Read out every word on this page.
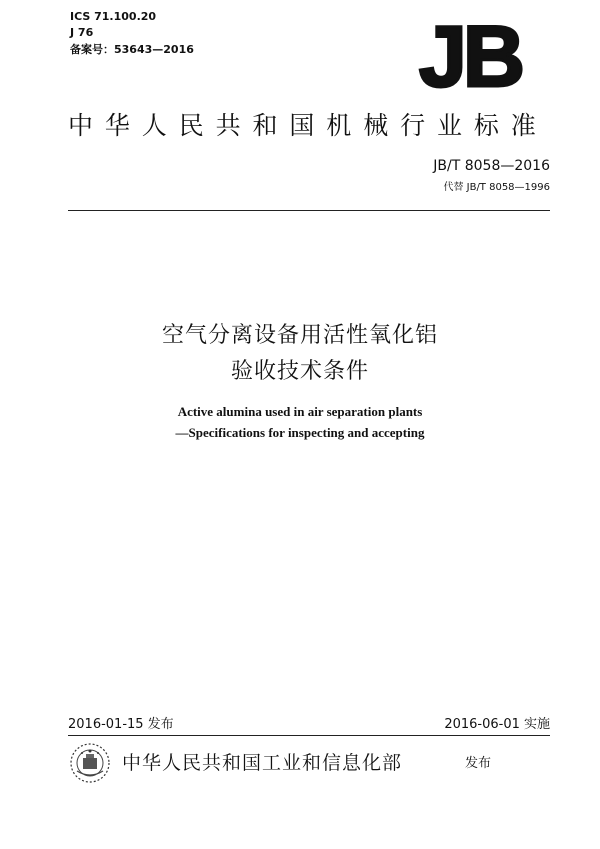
ICS 71.100.20
J 76
备案号：53643—2016	JB
中华人民共和国机械行业标准
JB/T 8058—2016
代替 JB/T 8058—1996
空气分离设备用活性氧化铝
验收技术条件
Active alumina used in air separation plants
—Specifications for inspecting and accepting
2016-01-15 发布	2016-06-01 实施
中华人民共和国工业和信息化部	发布
